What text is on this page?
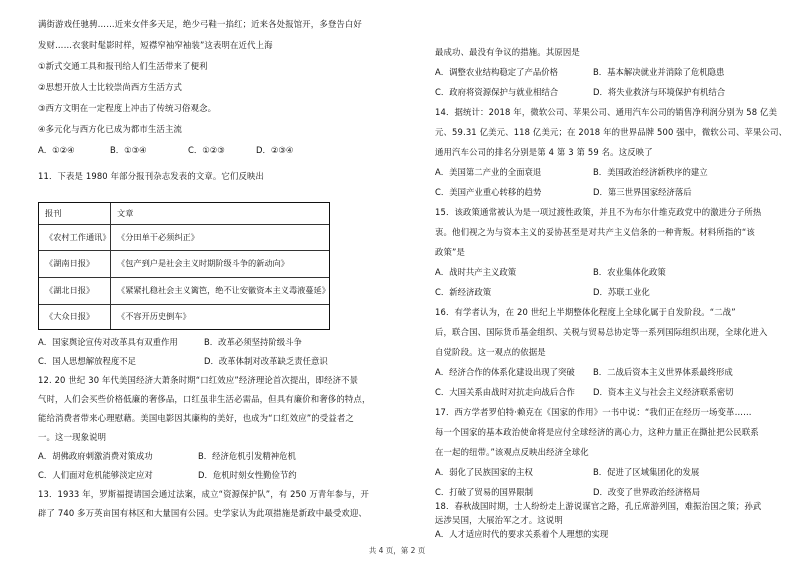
满街游戏任驰骋……近来女伴多天足，绝少弓鞋一掐红；近来各处报馆开，多登告白好
发财……衣裳时髦影时样，短襟窄袖窄袖装”这表明在近代上海
①新式交通工具和报刊给人们生活带来了便利
②思想开放人士比较崇尚西方生活方式
③西方文明在一定程度上冲击了传统习俗观念。
④多元化与西方化已成为都市生活主流
A．①②④	B．①③④	C．①②③	D．②③④
11．下表是 1980 年部分报刊杂志发表的文章。它们反映出
报刊	文章
《农村工作通讯》 《分田单干必须纠正》
《湖南日报》	《包产到户是社会主义时期阶级斗争的新动向》
《湖北日报》	《紧紧扎稳社会主义篱笆，绝不让安徽资本主义毒液蔓延》
《大众日报》	《不容开历史倒车》
A．国家舆论宣传对改革具有双重作用	B．改革必须坚持阶级斗争
C．国人思想解放程度不足	D．改革体制对改革缺乏责任意识
12. 20 世纪 30 年代美国经济大萧条时期“口红效应”经济理论首次提出，即经济不景
气时，人们会买些价格低廉的奢侈品，口红虽非生活必需品，但具有廉价和奢侈的特点，
能给消费者带来心理慰藉。美国电影因其廉构的美好，也成为“口红效应”的受益者之
一。这一现象说明
A．胡佛政府刺激消费对策成功	B．经济危机引发精神危机
C．人们面对危机能够淡定应对	D．危机时刻女性勤俭节约
13．1933 年，罗斯福提请国会通过法案，成立“资源保护队”，有 250 万青年参与，开
辟了 740 多万英亩国有林区和大量国有公园。史学家认为此项措施是新政中最受欢迎、
最成功、最没有争议的措施。其原因是
A．调整农业结构稳定了产品价格	B．基本解决就业并消除了危机隐患
C．政府将资源保护与就业相结合	D．将失业救济与环境保护有机结合
14．据统计：2018 年，微软公司、苹果公司、通用汽车公司的销售净利润分别为 58 亿美
元、59.31 亿美元、118 亿美元；在 2018 年的世界品牌 500 强中，微软公司、苹果公司、
通用汽车公司的排名分别是第 4 第 3 第 59 名。这反映了
A．美国第二产业的全面衰退	B．美国政治经济新秩序的建立
C．美国产业重心转移的趋势	D．第三世界国家经济落后
15．该政策通常被认为是一项过渡性政策，并且不为布尔什维克政党中的激进分子所热
衷。他们视之为与资本主义的妥协甚至是对共产主义信条的一种背叛。材料所指的“该
政策”是
A．战时共产主义政策	B．农业集体化政策
C．新经济政策	D．苏联工业化
16．有学者认为，在 20 世纪上半期整体化程度上全球化属于自发阶段。“二战”
后，联合国、国际货币基金组织、关税与贸易总协定等一系列国际组织出现，全球化进入
自觉阶段。这一观点的依据是
A．经济合作的体系化建设出现了突破 B．二战后资本主义世界体系最终形成
C．大国关系由战时对抗走向战后合作 D．资本主义与社会主义经济联系密切
17．西方学者罗伯特·赖克在《国家的作用》一书中说：“我们正在经历一场变革……
每一个国家的基本政治使命将是应付全球经济的离心力，这种力量正在撕扯把公民联系
在一起的纽带。”该观点反映出经济全球化
A．弱化了民族国家的主权	B．促进了区域集团化的发展
C．打破了贸易的国界限制	D．改变了世界政治经济格局
18．春秋战国时期，士人纷纷走上游说谋官之路，孔丘席游列国，难振治国之策；孙武
远涉吴国，大展治军之才。这说明
A．人才适应时代的要求关系着个人理想的实现
共 4 页，第 2 页
